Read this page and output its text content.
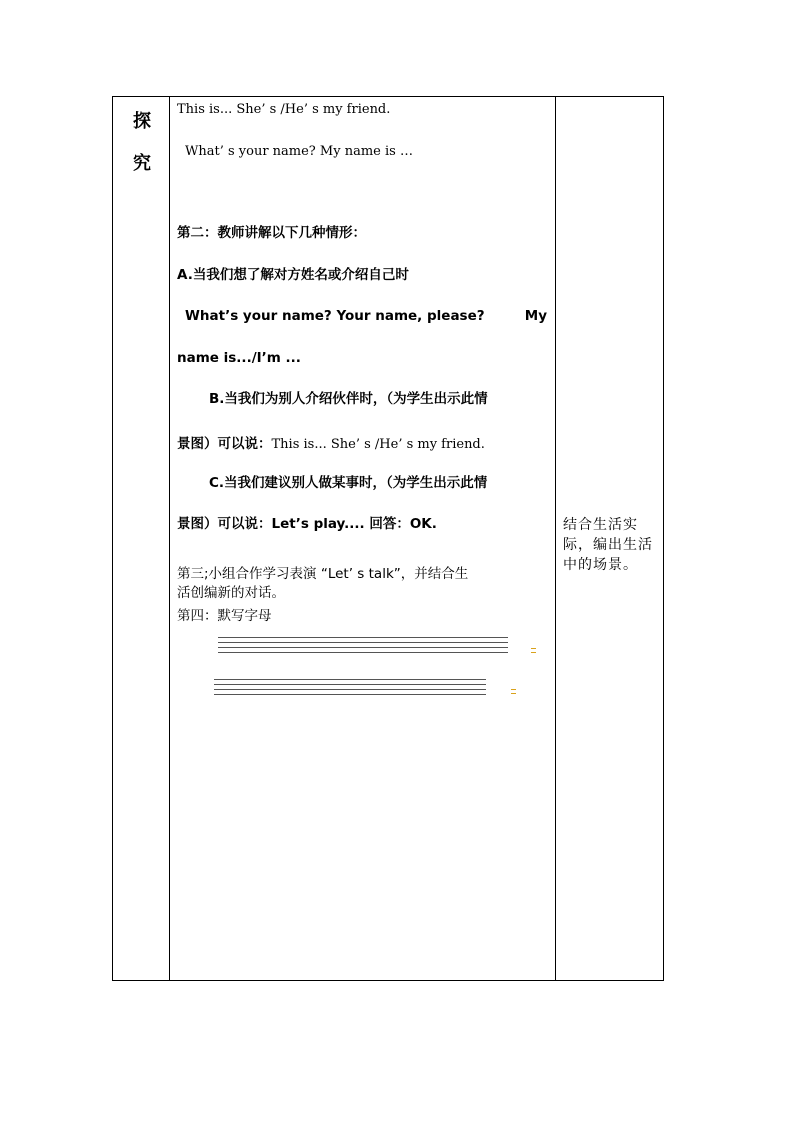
探
究
This is... She’ s /He’ s my friend.
What’ s your name? My name is …
第二：教师讲解以下几种情形：
A.当我们想了解对方姓名或介绍自己时
What’s your name? Your name, please?	My
name is.../I’m ...
B.当我们为别人介绍伙伴时，（为学生出示此情
景图）可以说：This is... She’ s /He’ s my friend.
C.当我们建议别人做某事时，（为学生出示此情
景图）可以说：Let’s play.... 回答：OK.
第三;小组合作学习表演 “Let’ s talk”，并结合生
活创编新的对话。
第四：默写字母
结合生活实际，编出生活中的场景。
